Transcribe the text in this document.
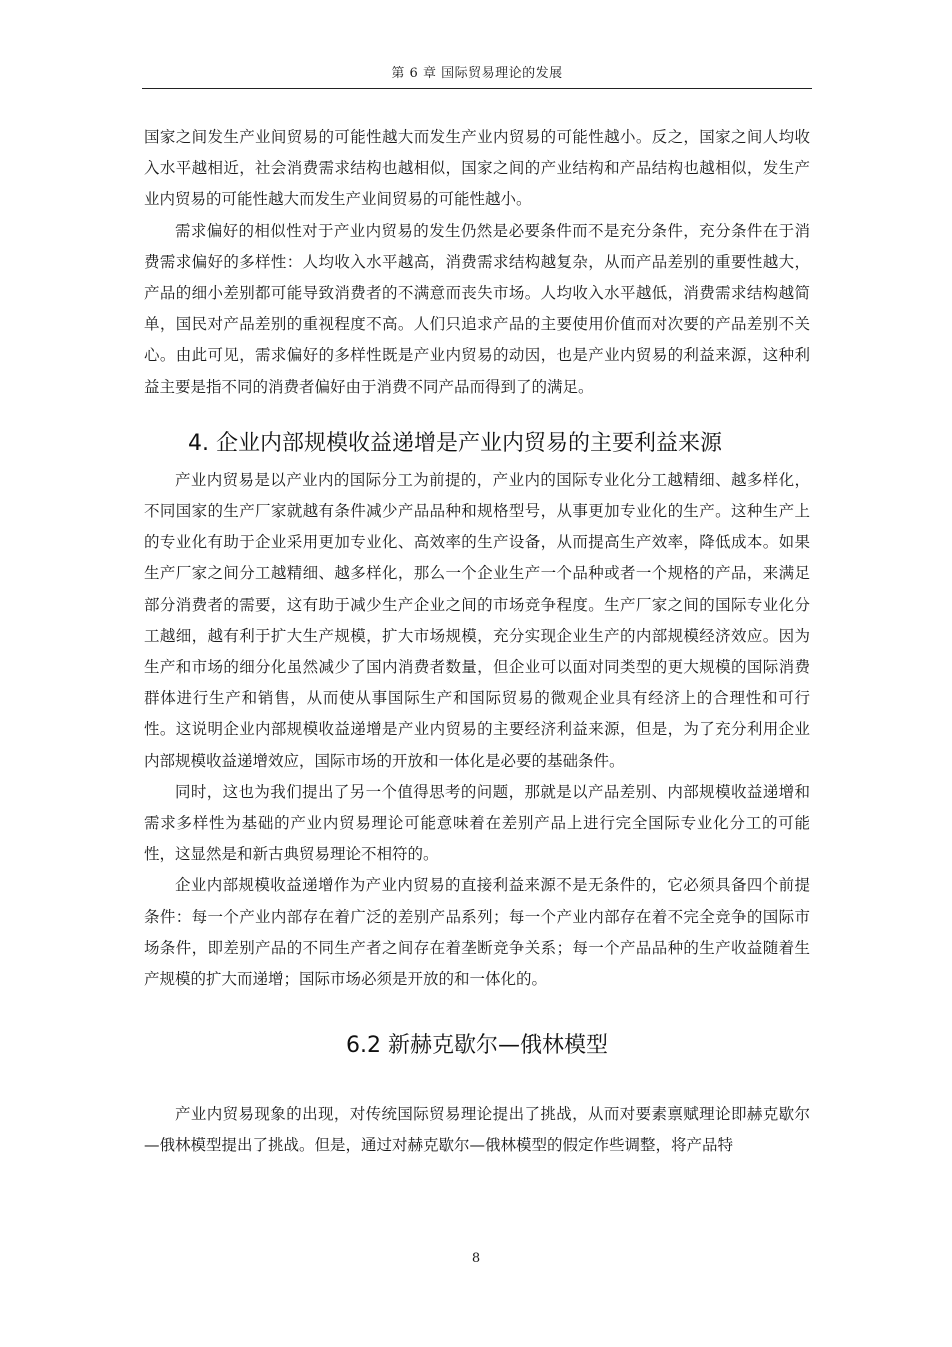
第 6 章 国际贸易理论的发展

国家之间发生产业间贸易的可能性越大而发生产业内贸易的可能性越小。反之，国家之间人均收入水平越相近，社会消费需求结构也越相似，国家之间的产业结构和产品结构也越相似，发生产业内贸易的可能性越大而发生产业间贸易的可能性越小。

需求偏好的相似性对于产业内贸易的发生仍然是必要条件而不是充分条件，充分条件在于消费需求偏好的多样性：人均收入水平越高，消费需求结构越复杂，从而产品差别的重要性越大，产品的细小差别都可能导致消费者的不满意而丧失市场。人均收入水平越低，消费需求结构越简单，国民对产品差别的重视程度不高。人们只追求产品的主要使用价值而对次要的产品差别不关心。由此可见，需求偏好的多样性既是产业内贸易的动因，也是产业内贸易的利益来源，这种利益主要是指不同的消费者偏好由于消费不同产品而得到了的满足。

4. 企业内部规模收益递增是产业内贸易的主要利益来源

产业内贸易是以产业内的国际分工为前提的，产业内的国际专业化分工越精细、越多样化，不同国家的生产厂家就越有条件减少产品品种和规格型号，从事更加专业化的生产。这种生产上的专业化有助于企业采用更加专业化、高效率的生产设备，从而提高生产效率，降低成本。如果生产厂家之间分工越精细、越多样化，那么一个企业生产一个品种或者一个规格的产品，来满足部分消费者的需要，这有助于减少生产企业之间的市场竞争程度。生产厂家之间的国际专业化分工越细，越有利于扩大生产规模，扩大市场规模，充分实现企业生产的内部规模经济效应。因为生产和市场的细分化虽然减少了国内消费者数量，但企业可以面对同类型的更大规模的国际消费群体进行生产和销售，从而使从事国际生产和国际贸易的微观企业具有经济上的合理性和可行性。这说明企业内部规模收益递增是产业内贸易的主要经济利益来源，但是，为了充分利用企业内部规模收益递增效应，国际市场的开放和一体化是必要的基础条件。

同时，这也为我们提出了另一个值得思考的问题，那就是以产品差别、内部规模收益递增和需求多样性为基础的产业内贸易理论可能意味着在差别产品上进行完全国际专业化分工的可能性，这显然是和新古典贸易理论不相符的。

企业内部规模收益递增作为产业内贸易的直接利益来源不是无条件的，它必须具备四个前提条件：每一个产业内部存在着广泛的差别产品系列；每一个产业内部存在着不完全竞争的国际市场条件，即差别产品的不同生产者之间存在着垄断竞争关系；每一个产品品种的生产收益随着生产规模的扩大而递增；国际市场必须是开放的和一体化的。

6.2 新赫克歇尔—俄林模型

产业内贸易现象的出现，对传统国际贸易理论提出了挑战，从而对要素禀赋理论即赫克歇尔—俄林模型提出了挑战。但是，通过对赫克歇尔—俄林模型的假定作些调整，将产品特

8
